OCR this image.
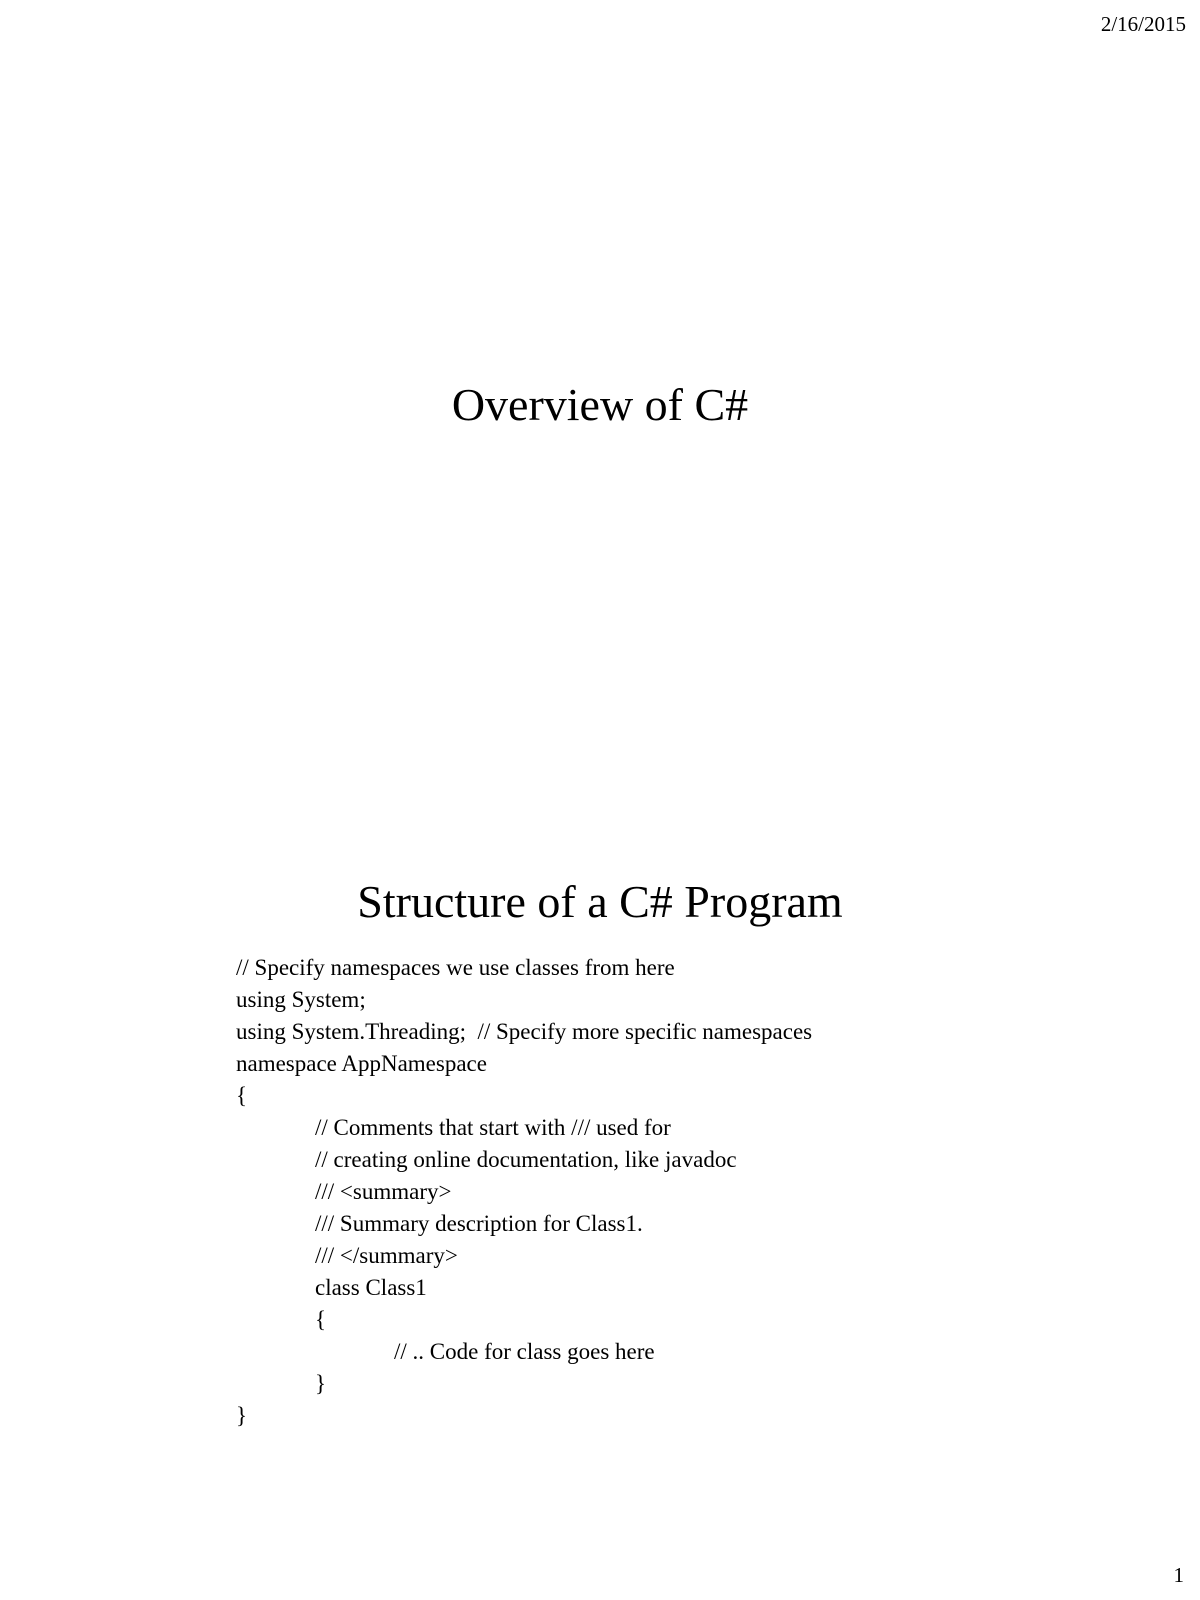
2/16/2015
Overview of C#
Structure of a C# Program
// Specify namespaces we use classes from here
using System;
using System.Threading;  // Specify more specific namespaces
namespace AppNamespace
{
// Comments that start with /// used for
// creating online documentation, like javadoc
/// <summary>
/// Summary description for Class1.
/// </summary>
class Class1
{
// .. Code for class goes here
}
}
1
